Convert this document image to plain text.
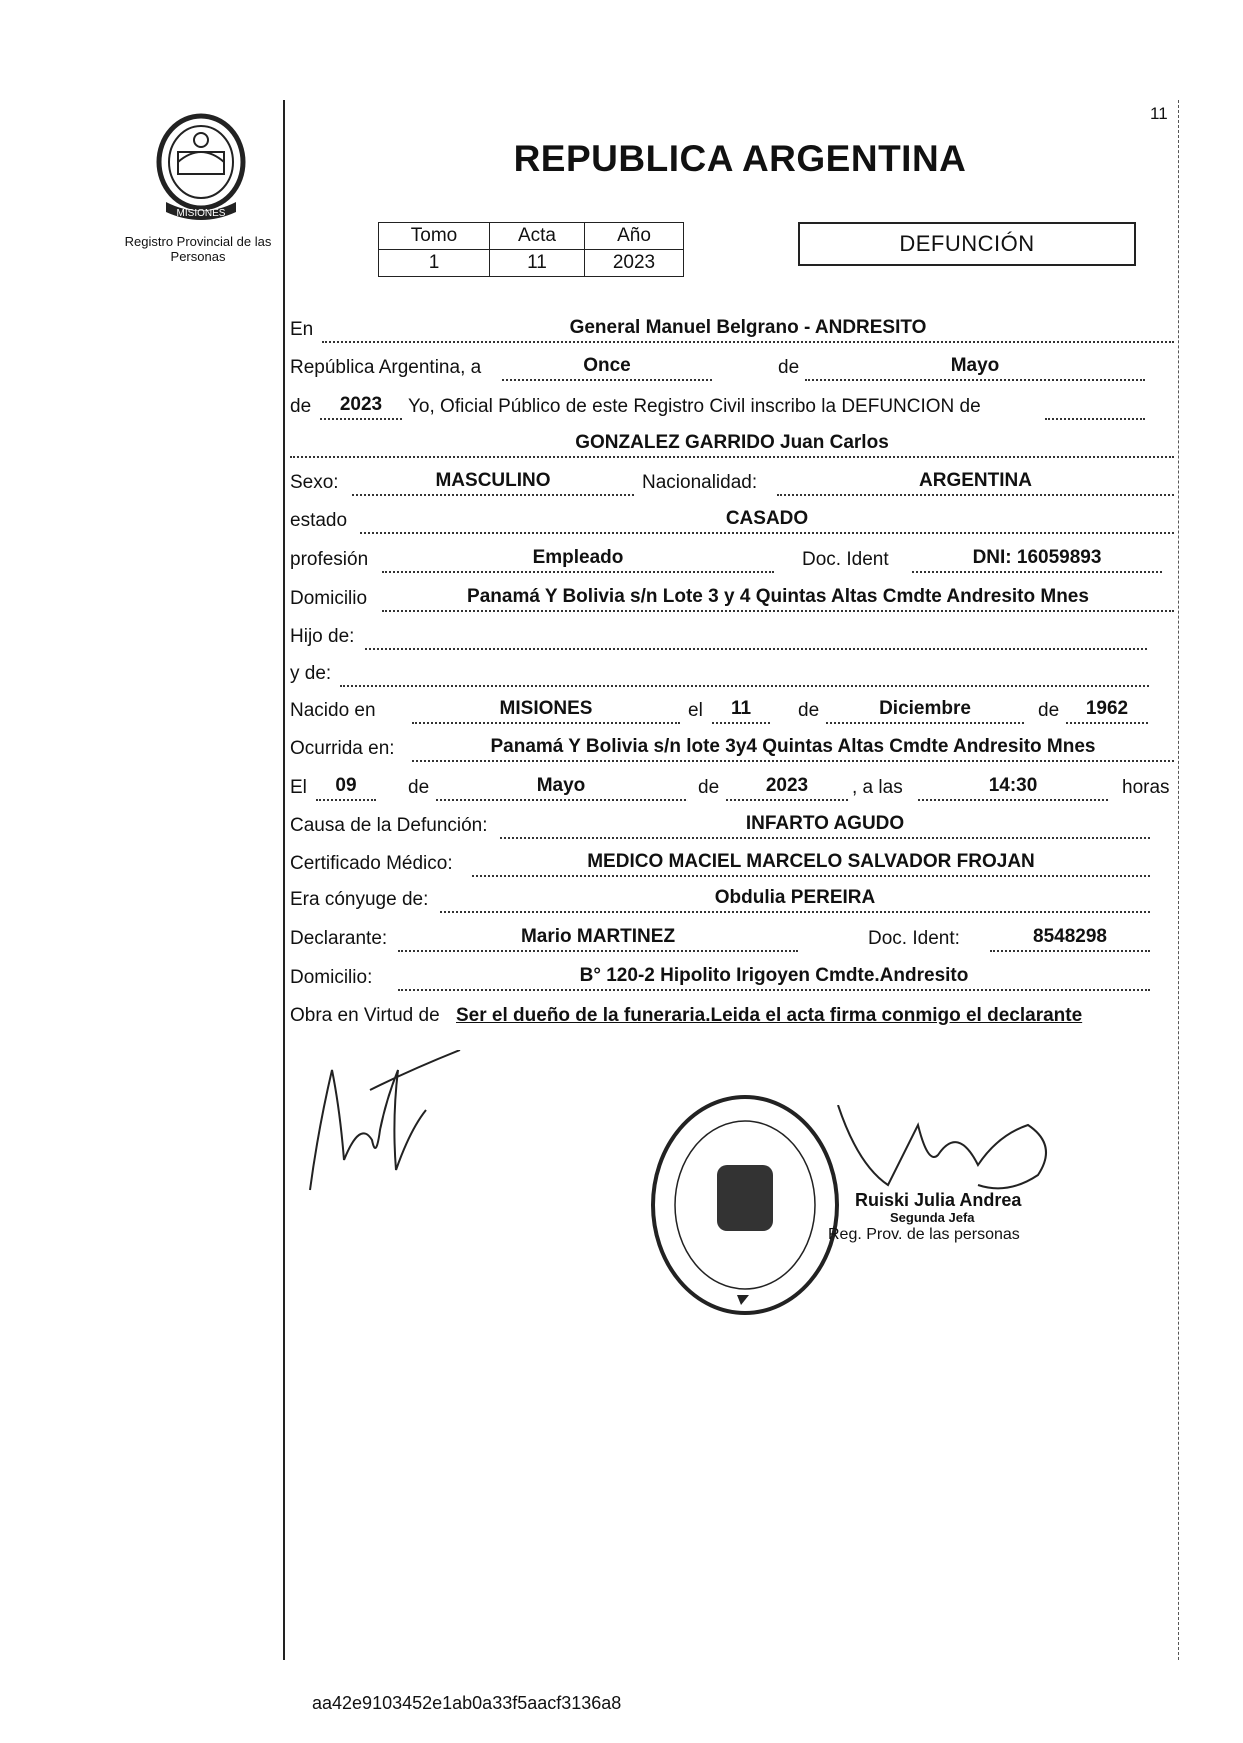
MISIONES
Registro Provincial de las Personas
11
REPUBLICA ARGENTINA
Tomo	Acta	Año
1	11	2023
DEFUNCIÓN
En	General Manuel Belgrano - ANDRESITO
República Argentina, a	Once	de	Mayo
de	2023	Yo, Oficial Público de este Registro Civil inscribo la DEFUNCION de
GONZALEZ GARRIDO Juan Carlos
Sexo:	MASCULINO	Nacionalidad:	ARGENTINA
estado	CASADO
profesión	Empleado	Doc. Ident	DNI: 16059893
Domicilio	Panamá Y Bolivia s/n Lote 3 y 4 Quintas Altas Cmdte Andresito Mnes
Hijo de:
y de:
Nacido en	MISIONES	el	11	de	Diciembre	de	1962
Ocurrida en:	Panamá Y Bolivia s/n lote 3y4 Quintas Altas Cmdte Andresito Mnes
El	09	de	Mayo	de	2023	, a las	14:30	horas
Causa de la Defunción:	INFARTO AGUDO
Certificado Médico:	MEDICO MACIEL MARCELO SALVADOR FROJAN
Era cónyuge de:	Obdulia PEREIRA
Declarante:	Mario MARTINEZ	Doc. Ident:	8548298
Domicilio:	B° 120-2 Hipolito Irigoyen Cmdte.Andresito
Obra en Virtud de Ser el dueño de la funeraria.Leida el acta firma conmigo el declarante
Ruiski Julia Andrea
Segunda Jefa
Reg. Prov. de las personas
aa42e9103452e1ab0a33f5aacf3136a8
